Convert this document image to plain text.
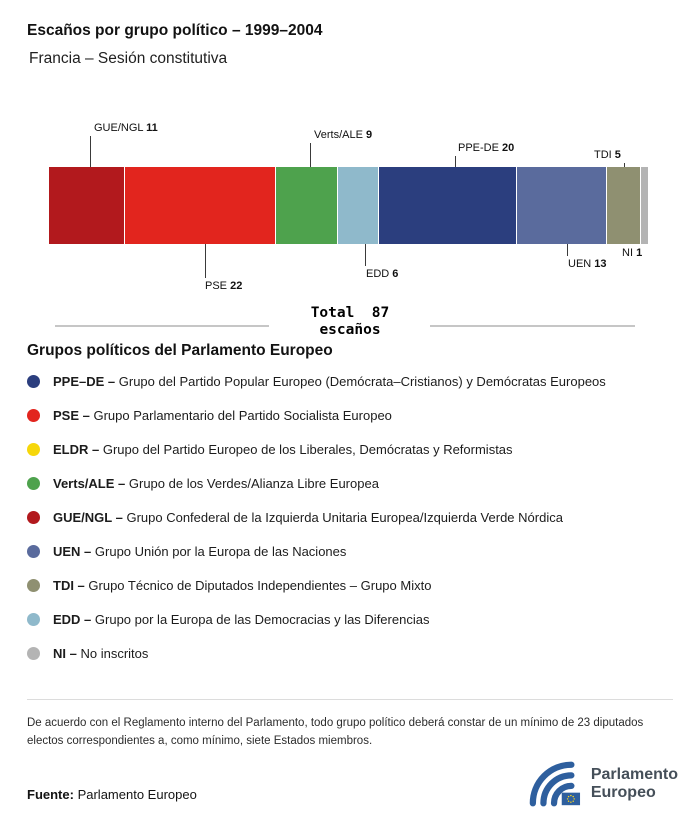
Escaños por grupo político – 1999–2004
Francia – Sesión constitutiva
GUE/NGL 11
PSE 22
Verts/ALE 9
EDD 6
PPE-DE 20
UEN 13
TDI 5
NI 1
Total  87
escaños
Grupos políticos del Parlamento Europeo
PPE–DE – Grupo del Partido Popular Europeo (Demócrata–Cristianos) y Demócratas Europeos
PSE – Grupo Parlamentario del Partido Socialista Europeo
ELDR – Grupo del Partido Europeo de los Liberales, Demócratas y Reformistas
Verts/ALE – Grupo de los Verdes/Alianza Libre Europea
GUE/NGL – Grupo Confederal de la Izquierda Unitaria Europea/Izquierda Verde Nórdica
UEN – Grupo Unión por la Europa de las Naciones
TDI – Grupo Técnico de Diputados Independientes – Grupo Mixto
EDD – Grupo por la Europa de las Democracias y las Diferencias
NI – No inscritos

De acuerdo con el Reglamento interno del Parlamento, todo grupo político deberá constar de un mínimo de 23 diputados electos correspondientes a, como mínimo, siete Estados miembros.

Fuente: Parlamento Europeo
Parlamento
Europeo
